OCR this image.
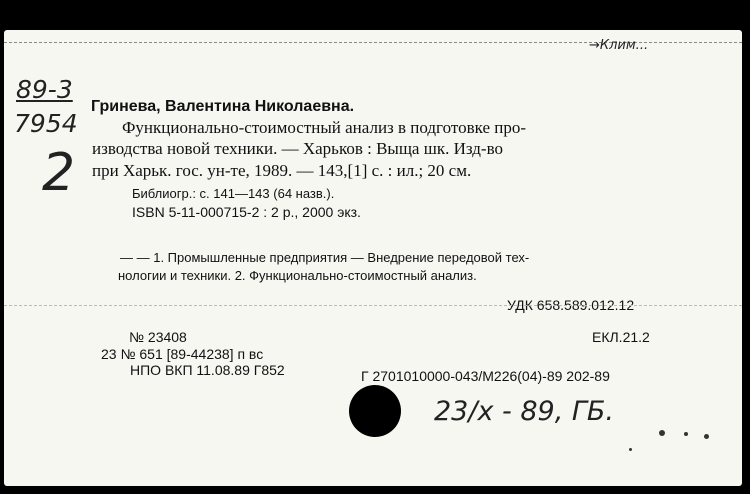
→Клим...
89-3
7954
2
Гринева, Валентина Николаевна.
Функционально-стоимостный анализ в подготовке про-
изводства новой техники. — Харьков : Выща шк. Изд-во
при Харьк. гос. ун-те, 1989. — 143,[1] с. : ил.; 20 см.
Библиогр.: с. 141—143 (64 назв.).
ISBN 5-11-000715-2 : 2 р., 2000 экз.
— — 1. Промышленные предприятия — Внедрение передовой тех-
нологии и техники. 2. Функционально-стоимостный анализ.
УДК 658.589.012.12
№ 23408	ЕКЛ.21.2
23 № 651 [89-44238] п вс
НПО ВКП 11.08.89 Г852	Г 2701010000-043/М226(04)-89 202-89
23/x - 89, ГБ.
